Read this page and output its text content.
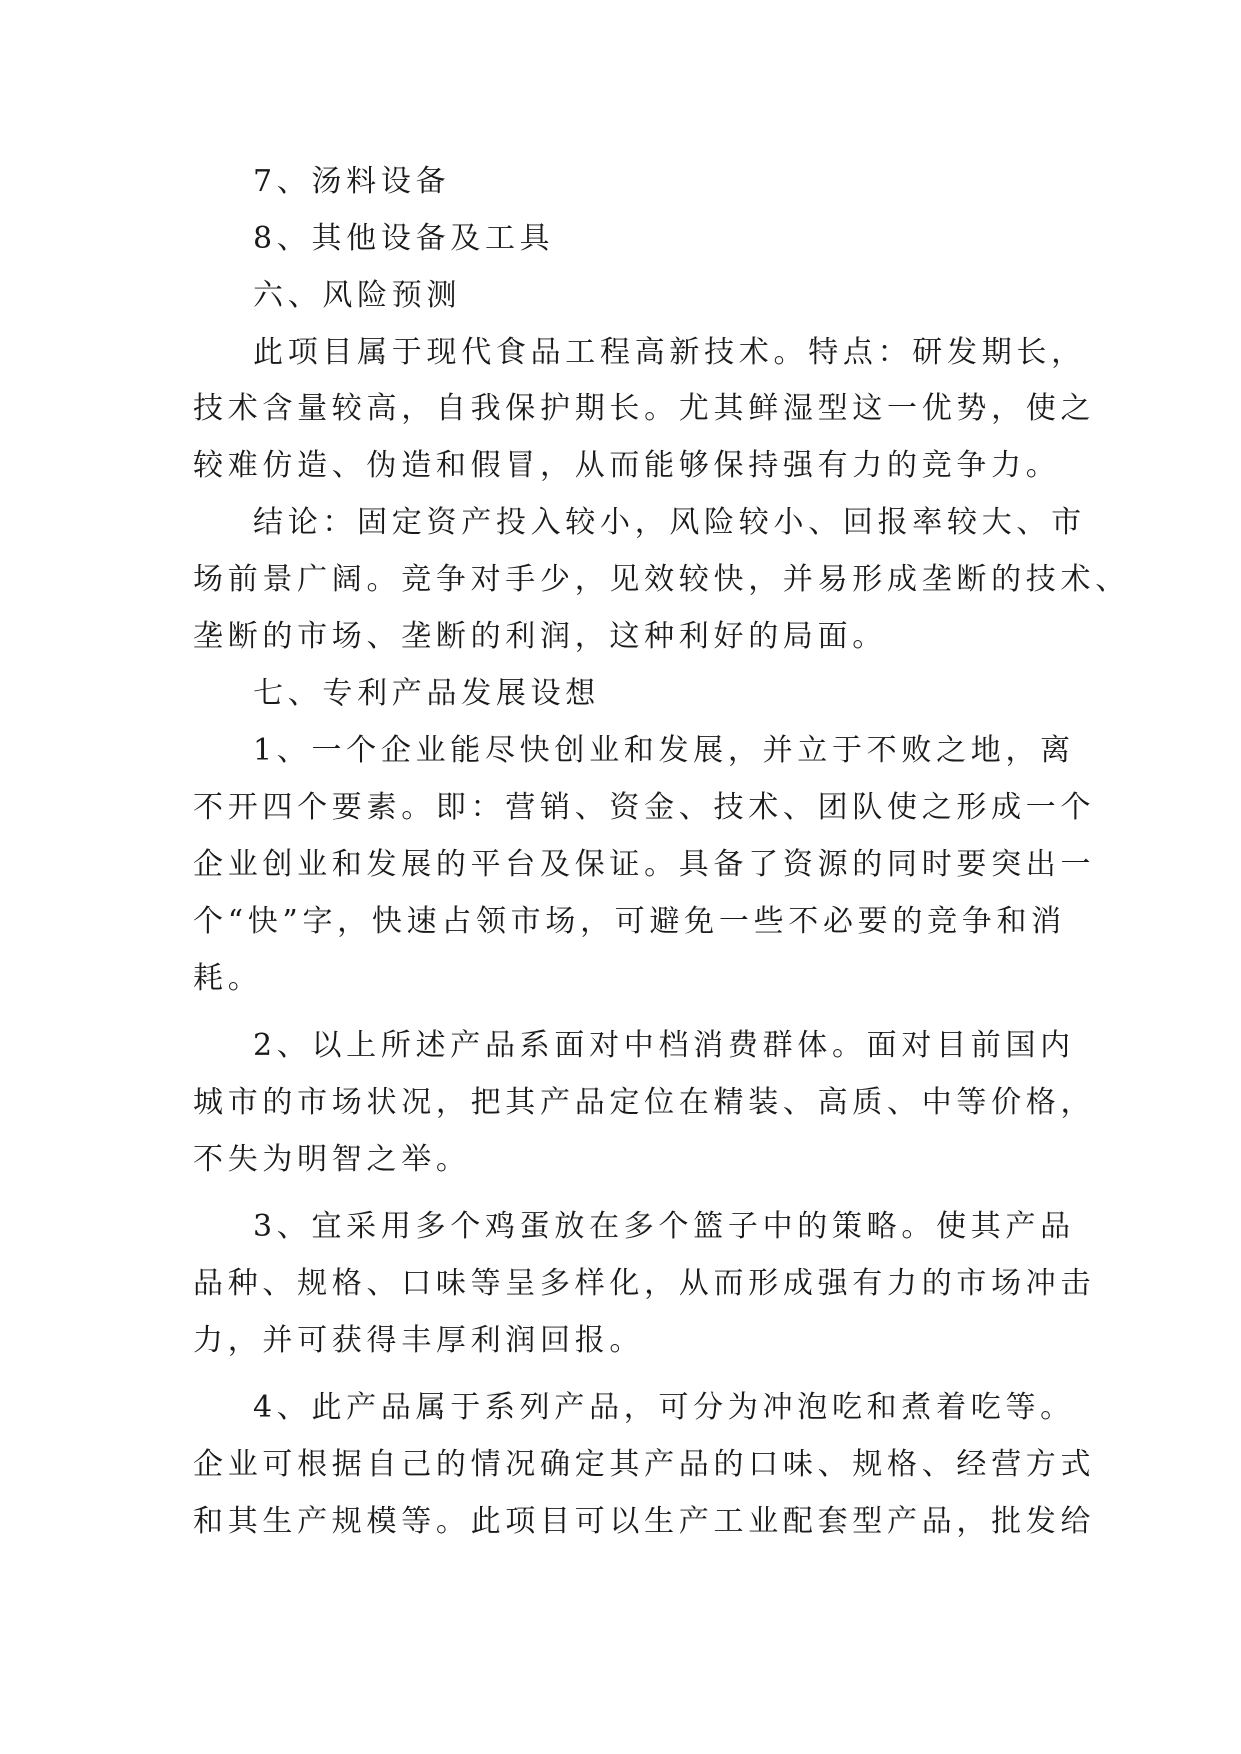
7、汤料设备
8、其他设备及工具
六、风险预测
此项目属于现代食品工程高新技术。特点：研发期长，
技术含量较高，自我保护期长。尤其鲜湿型这一优势，使之
较难仿造、伪造和假冒，从而能够保持强有力的竞争力。
结论：固定资产投入较小，风险较小、回报率较大、市
场前景广阔。竞争对手少，见效较快，并易形成垄断的技术、
垄断的市场、垄断的利润，这种利好的局面。
七、专利产品发展设想
1、一个企业能尽快创业和发展，并立于不败之地，离
不开四个要素。即：营销、资金、技术、团队使之形成一个
企业创业和发展的平台及保证。具备了资源的同时要突出一
个“快”字，快速占领市场，可避免一些不必要的竞争和消
耗。
2、以上所述产品系面对中档消费群体。面对目前国内
城市的市场状况，把其产品定位在精装、高质、中等价格，
不失为明智之举。
3、宜采用多个鸡蛋放在多个篮子中的策略。使其产品
品种、规格、口味等呈多样化，从而形成强有力的市场冲击
力，并可获得丰厚利润回报。
4、此产品属于系列产品，可分为冲泡吃和煮着吃等。
企业可根据自己的情况确定其产品的口味、规格、经营方式
和其生产规模等。此项目可以生产工业配套型产品，批发给
